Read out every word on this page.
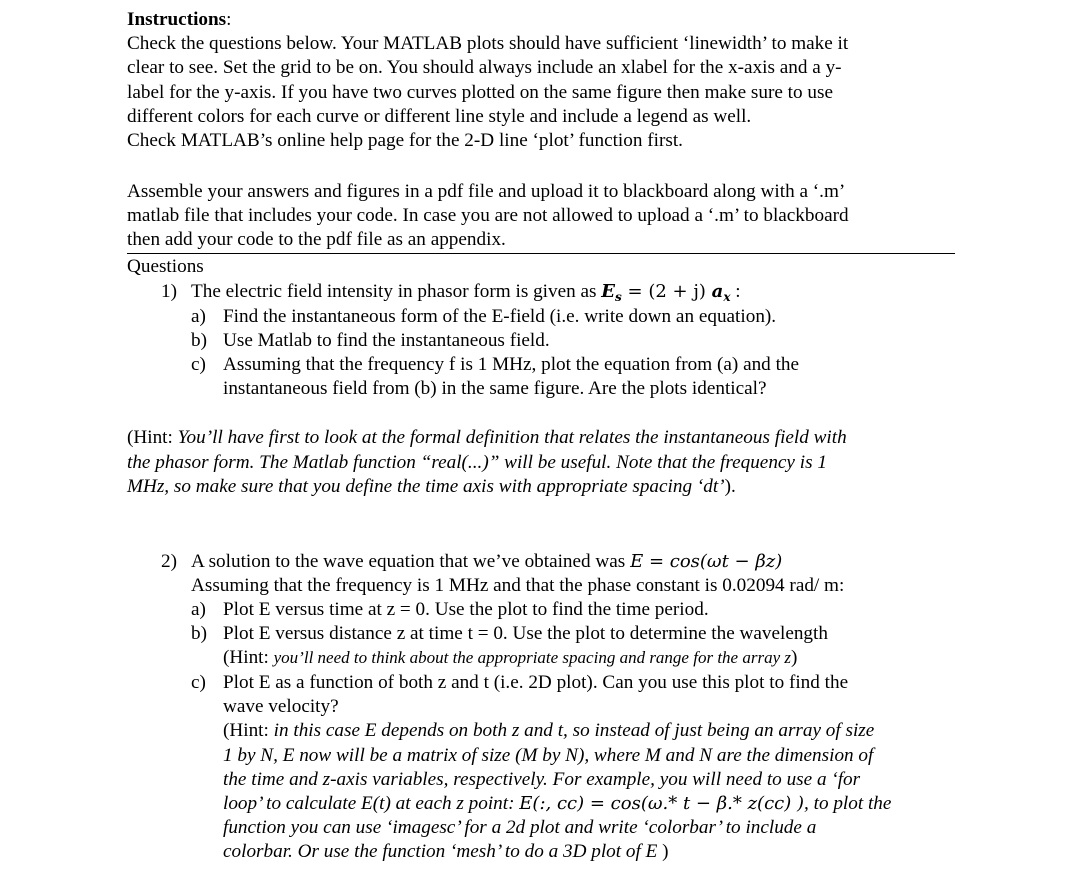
Instructions:
Check the questions below. Your MATLAB plots should have sufficient ‘linewidth’ to make it
clear to see. Set the grid to be on. You should always include an xlabel for the x-axis and a y-
label for the y-axis. If you have two curves plotted on the same figure then make sure to use
different colors for each curve or different line style and include a legend as well.
Check MATLAB’s online help page for the 2-D line ‘plot’ function first.
Assemble your answers and figures in a pdf file and upload it to blackboard along with a ‘.m’
matlab file that includes your code. In case you are not allowed to upload a ‘.m’ to blackboard
then add your code to the pdf file as an appendix.
Questions
1) The electric field intensity in phasor form is given as $E_s = (2 + j)$ $a_x$ :
a) Find the instantaneous form of the E-field (i.e. write down an equation).
b) Use Matlab to find the instantaneous field.
c) Assuming that the frequency f is 1 MHz, plot the equation from (a) and the
instantaneous field from (b) in the same figure. Are the plots identical?
(Hint: You’ll have first to look at the formal definition that relates the instantaneous field with
the phasor form. The Matlab function “real(...)” will be useful. Note that the frequency is 1
MHz, so make sure that you define the time axis with appropriate spacing ‘dt’).
2) A solution to the wave equation that we’ve obtained was E = cos(ωt − βz)
Assuming that the frequency is 1 MHz and that the phase constant is 0.02094 rad/ m:
a) Plot E versus time at z = 0. Use the plot to find the time period.
b) Plot E versus distance z at time t = 0. Use the plot to determine the wavelength
(Hint: you’ll need to think about the appropriate spacing and range for the array z)
c) Plot E as a function of both z and t (i.e. 2D plot). Can you use this plot to find the
wave velocity?
(Hint: in this case E depends on both z and t, so instead of just being an array of size
1 by N, E now will be a matrix of size (M by N), where M and N are the dimension of
the time and z-axis variables, respectively. For example, you will need to use a ‘for
loop’ to calculate E(t) at each z point: E(:, cc) = cos(ω.* t − β.* z(cc) ), to plot the
function you can use ‘imagesc’ for a 2d plot and write ‘colorbar’ to include a
colorbar. Or use the function ‘mesh’ to do a 3D plot of E )
